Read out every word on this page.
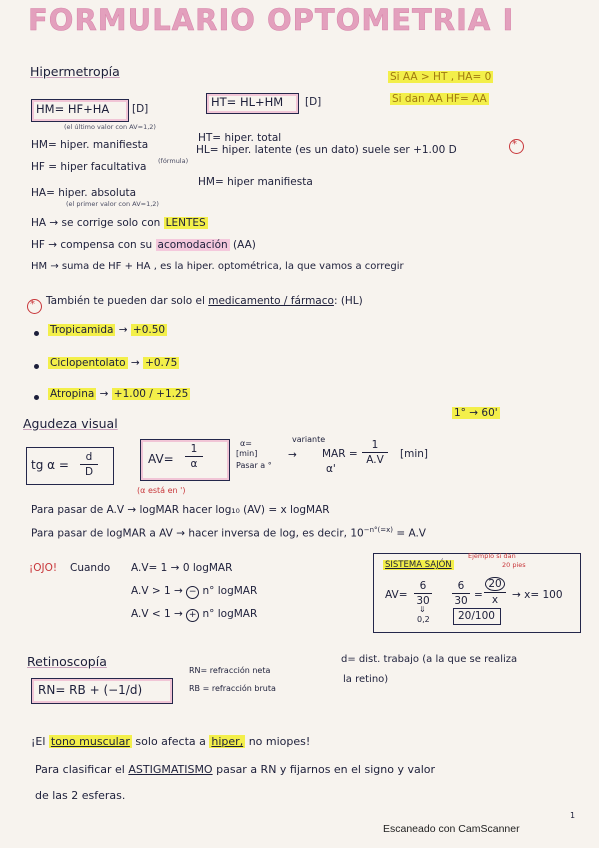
FORMULARIO OPTOMETRIA I
Hipermetropía
HM= HF+HA [D]	HT= HL+HM [D]
Si AA > HT , HA= 0
Si dan AA HF= AA
(el último valor con AV=1,2)
HM= hiper. manifiesta
HT= hiper. total
HF = hiper facultativa (fórmula)
HL= hiper. latente (es un dato) suele ser +1.00 D	*
HA= hiper. absoluta
HM= hiper manifiesta
(el primer valor con AV=1,2)
HA → se corrige solo con LENTES
HF → compensa con su acomodación (AA)
HM → suma de HF + HA , es la hiper. optométrica, la que vamos a corregir
* También te pueden dar solo el medicamento / fármaco: (HL)
Tropicamida → +0.50
Ciclopentolato → +0.75
Atropina → +1.00 / +1.25
Agudeza visual
1° → 60'
tg α =
d
D
AV=
1
α
α=
[min]
Pasar a °
variante
→ MAR =
1
A.V	[min]
α'
(α está en ')
Para pasar de A.V → logMAR hacer log₁₀ (AV) = x logMAR
Para pasar de logMAR a AV → hacer inversa de log, es decir, $10^{-n^\circ(=x)} = A.V$
¡OJO! Cuando A.V= 1 → 0 logMAR
A.V > 1 → − n° logMAR
A.V < 1 → + n° logMAR
SISTEMA SAJÓN
Ejemplo si dan
20 pies
AV=
6
30
6
$30 = \frac{20}{x} \to x= 100$
⇓
0,2	20/100
Retinoscopía
RN= RB + (−1/d)
RN= refracción neta
RB = refracción bruta
d= dist. trabajo (a la que se realiza
la retino)
¡El tono muscular solo afecta a hiper, no miopes!
Para clasificar el ASTIGMATISMO pasar a RN y fijarnos en el signo y valor
de las 2 esferas.
Escaneado con CamScanner
1
